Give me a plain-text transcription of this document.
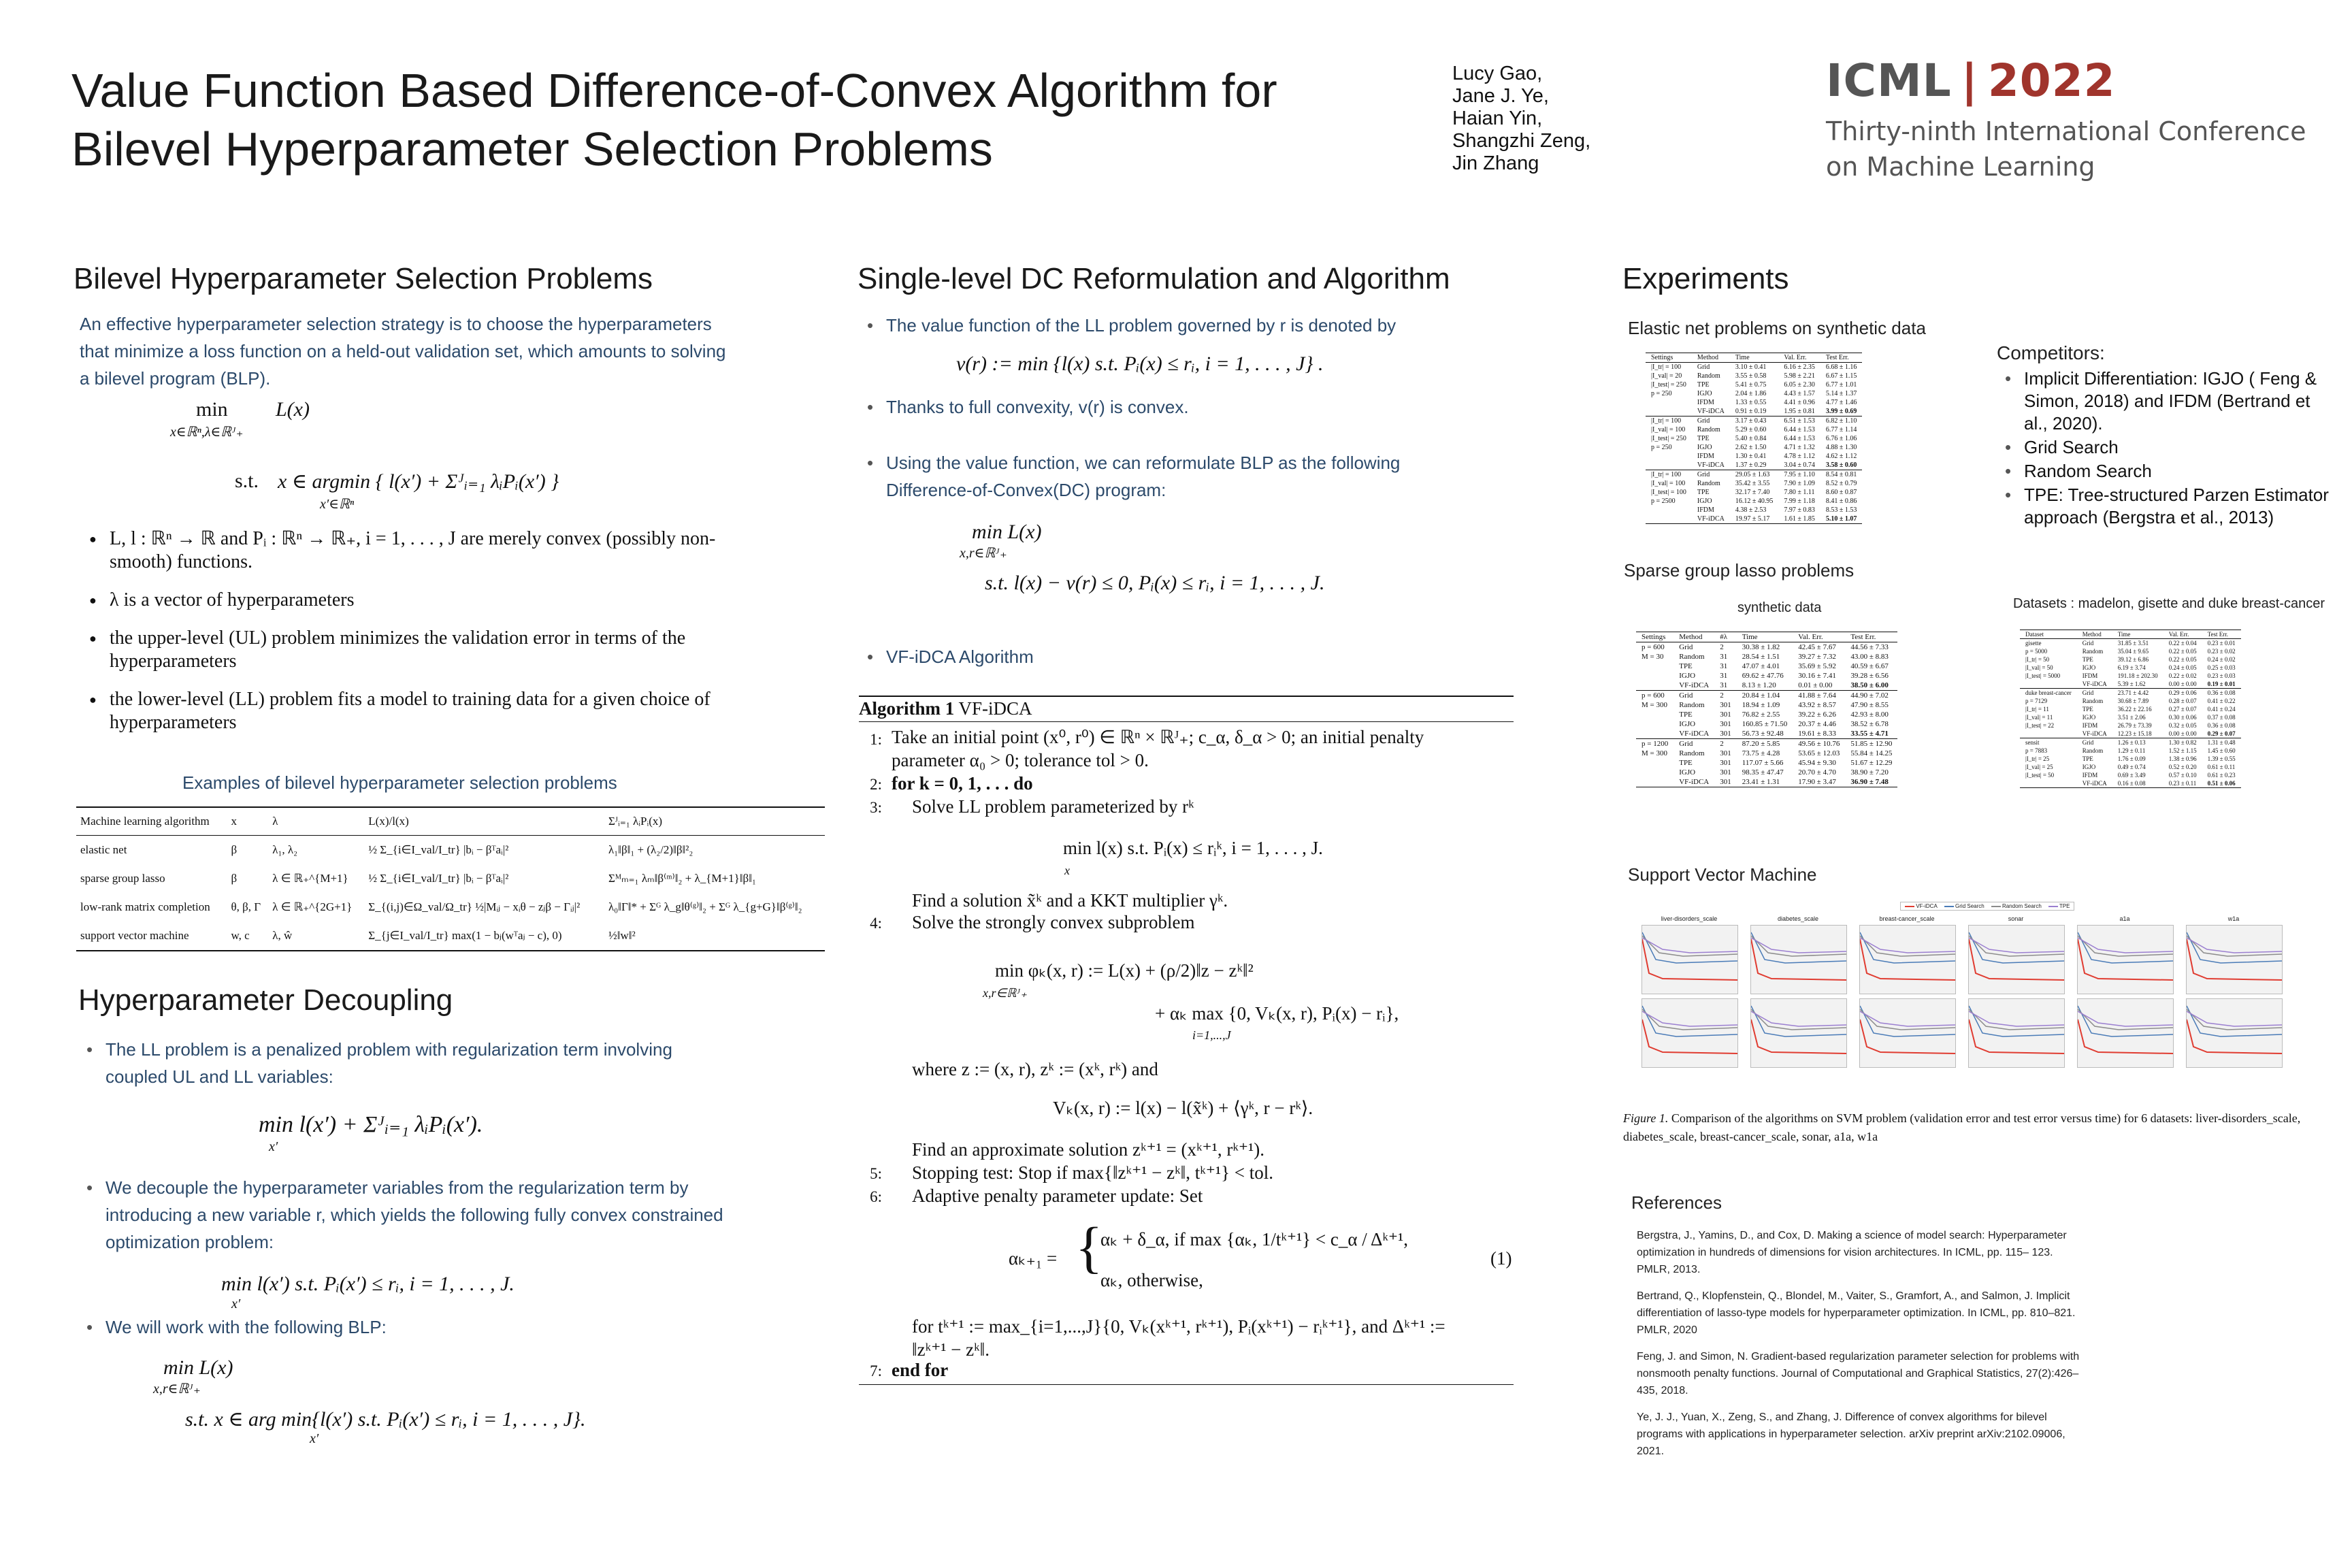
Value Function Based Difference-of-Convex Algorithm for
Bilevel Hyperparameter Selection Problems
Lucy Gao,
Jane J. Ye,
Haian Yin,
Shangzhi Zeng,
Jin Zhang
ICML | 2022
Thirty-ninth International Conference
on Machine Learning
Bilevel Hyperparameter Selection Problems
An effective hyperparameter selection strategy is to choose the hyperparameters that minimize a loss function on a held-out validation set, which amounts to solving a bilevel program (BLP).
min
x∈ℝⁿ,λ∈ℝᴶ₊
L(x)
s.t. x ∈ argmin { l(x′) + Σᴶᵢ₌₁ λᵢPᵢ(x′) }
x′∈ℝⁿ
● L, l : ℝⁿ → ℝ and Pᵢ : ℝⁿ → ℝ₊, i = 1, . . . , J are merely convex (possibly non-smooth) functions.
● λ is a vector of hyperparameters
● the upper-level (UL) problem minimizes the validation error in terms of the hyperparameters
● the lower-level (LL) problem fits a model to training data for a given choice of hyperparameters
Examples of bilevel hyperparameter selection problems
Machine learning algorithm	x	λ	L(x)/l(x)	Σᴶᵢ₌₁ λᵢPᵢ(x)
elastic net	β	λ₁, λ₂	½ Σ_{i∈I_val/I_tr} |bᵢ − βᵀaᵢ|²	λ₁‖β‖₁ + (λ₂/2)‖β‖²₂
sparse group lasso	β	λ ∈ ℝ₊^{M+1}	½ Σ_{i∈I_val/I_tr} |bᵢ − βᵀaᵢ|²	Σᴹₘ₌₁ λₘ‖β⁽ᵐ⁾‖₂ + λ_{M+1}‖β‖₁
low-rank matrix completion	θ, β, Γ	λ ∈ ℝ₊^{2G+1}	Σ_{(i,j)∈Ω_val/Ω_tr} ½|Mᵢⱼ − xᵢθ − zⱼβ − Γᵢⱼ|²	λ₀‖Γ‖* + Σᴳ λ_g‖θ⁽ᵍ⁾‖₂ + Σᴳ λ_{g+G}‖β⁽ᵍ⁾‖₂
support vector machine	w, c	λ, ŵ	Σ_{j∈I_val/I_tr} max(1 − bⱼ(wᵀaⱼ − c), 0)	½‖w‖²
Hyperparameter Decoupling
• The LL problem is a penalized problem with regularization term involving coupled UL and LL variables:
min l(x′) + Σᴶᵢ₌₁ λᵢPᵢ(x′).
x′
• We decouple the hyperparameter variables from the regularization term by introducing a new variable r, which yields the following fully convex constrained optimization problem:
min l(x′) s.t. Pᵢ(x′) ≤ rᵢ, i = 1, . . . , J.
x′
• We will work with the following BLP:
min L(x)
x,r∈ℝᴶ₊
s.t. x ∈ arg min{l(x′) s.t. Pᵢ(x′) ≤ rᵢ, i = 1, . . . , J}.
x′
Single-level DC Reformulation and Algorithm
• The value function of the LL problem governed by r is denoted by
v(r) := min {l(x) s.t. Pᵢ(x) ≤ rᵢ, i = 1, . . . , J} .
• Thanks to full convexity, v(r) is convex.
• Using the value function, we can reformulate BLP as the following Difference-of-Convex(DC) program:
min L(x)
x,r∈ℝᴶ₊
s.t. l(x) − v(r) ≤ 0, Pᵢ(x) ≤ rᵢ, i = 1, . . . , J.
• VF-iDCA Algorithm
Algorithm 1 VF-iDCA
1: Take an initial point (x⁰, r⁰) ∈ ℝⁿ × ℝᴶ₊; c_α, δ_α > 0; an initial penalty
parameter α₀ > 0; tolerance tol > 0.
2: for k = 0, 1, . . . do
3: Solve LL problem parameterized by rᵏ
min l(x) s.t. Pᵢ(x) ≤ rᵢᵏ, i = 1, . . . , J.
x
Find a solution x̃ᵏ and a KKT multiplier γᵏ.
4: Solve the strongly convex subproblem
min φₖ(x, r) := L(x) + (ρ/2)‖z − zᵏ‖²
x,r∈ℝᴶ₊
+ αₖ max {0, Vₖ(x, r), Pᵢ(x) − rᵢ},
i=1,...,J
where z := (x, r), zᵏ := (xᵏ, rᵏ) and
Vₖ(x, r) := l(x) − l(x̃ᵏ) + ⟨γᵏ, r − rᵏ⟩.
Find an approximate solution zᵏ⁺¹ = (xᵏ⁺¹, rᵏ⁺¹).
5: Stopping test: Stop if max{‖zᵏ⁺¹ − zᵏ‖, tᵏ⁺¹} < tol.
6: Adaptive penalty parameter update: Set
αₖ₊₁ = {
αₖ + δ_α, if max {αₖ, 1/tᵏ⁺¹} < c_α / Δᵏ⁺¹,
αₖ, otherwise,
(1)
for tᵏ⁺¹ := max_{i=1,...,J}{0, Vₖ(xᵏ⁺¹, rᵏ⁺¹), Pᵢ(xᵏ⁺¹) − rᵢᵏ⁺¹}, and Δᵏ⁺¹ :=
‖zᵏ⁺¹ − zᵏ‖.
7: end for
Experiments
Elastic net problems on synthetic data
Settings	Method	Time	Val. Err.	Test Err.
|I_tr| = 100	Grid	3.10 ± 0.41	6.16 ± 2.35	6.68 ± 1.16
|I_val| = 20	Random	3.55 ± 0.58	5.98 ± 2.21	6.67 ± 1.15
|I_test| = 250	TPE	5.41 ± 0.75	6.05 ± 2.30	6.77 ± 1.01
p = 250	IGJO	2.04 ± 1.86	4.43 ± 1.57	5.14 ± 1.37
	IFDM	1.33 ± 0.55	4.41 ± 0.96	4.77 ± 1.46
	VF-iDCA	0.91 ± 0.19	1.95 ± 0.81	3.99 ± 0.69
|I_tr| = 100	Grid	3.17 ± 0.43	6.51 ± 1.53	6.82 ± 1.10
|I_val| = 100	Random	5.29 ± 0.60	6.44 ± 1.53	6.77 ± 1.14
|I_test| = 250	TPE	5.40 ± 0.84	6.44 ± 1.53	6.76 ± 1.06
p = 250	IGJO	2.62 ± 1.50	4.71 ± 1.32	4.88 ± 1.30
	IFDM	1.30 ± 0.41	4.78 ± 1.12	4.62 ± 1.12
	VF-iDCA	1.37 ± 0.29	3.04 ± 0.74	3.58 ± 0.60
|I_tr| = 100	Grid	29.05 ± 1.63	7.95 ± 1.10	8.54 ± 0.81
|I_val| = 100	Random	35.42 ± 3.55	7.90 ± 1.09	8.52 ± 0.79
|I_test| = 100	TPE	32.17 ± 7.40	7.80 ± 1.11	8.60 ± 0.87
p = 2500	IGJO	16.12 ± 40.95	7.99 ± 1.18	8.41 ± 0.86
	IFDM	4.38 ± 2.53	7.97 ± 0.83	8.53 ± 1.53
	VF-iDCA	19.97 ± 5.17	1.61 ± 1.85	5.10 ± 1.07
Competitors:
• Implicit Differentiation: IGJO ( Feng & Simon, 2018) and IFDM (Bertrand et al., 2020).
• Grid Search
• Random Search
• TPE: Tree-structured Parzen Estimator approach (Bergstra et al., 2013)
Sparse group lasso problems
synthetic data
Settings	Method	#λ	Time	Val. Err.	Test Err.
p = 600	Grid	2	30.38 ± 1.82	42.45 ± 7.67	44.56 ± 7.33
M = 30	Random	31	28.54 ± 1.51	39.27 ± 7.32	43.00 ± 8.83
	TPE	31	47.07 ± 4.01	35.69 ± 5.92	40.59 ± 6.67
	IGJO	31	69.62 ± 47.76	30.16 ± 7.41	39.28 ± 6.56
	VF-iDCA	31	8.13 ± 1.20	0.01 ± 0.00	38.50 ± 6.00
p = 600	Grid	2	20.84 ± 1.04	41.88 ± 7.64	44.90 ± 7.02
M = 300	Random	301	18.94 ± 1.09	43.92 ± 8.57	47.90 ± 8.55
	TPE	301	76.82 ± 2.55	39.22 ± 6.26	42.93 ± 8.00
	IGJO	301	160.85 ± 71.50	20.37 ± 4.46	38.52 ± 6.78
	VF-iDCA	301	56.73 ± 92.48	19.61 ± 8.33	33.55 ± 4.71
p = 1200	Grid	2	87.20 ± 5.85	49.56 ± 10.76	51.85 ± 12.90
M = 300	Random	301	73.75 ± 4.28	53.65 ± 12.03	55.84 ± 14.25
	TPE	301	117.07 ± 5.66	45.94 ± 9.30	51.67 ± 12.29
	IGJO	301	98.35 ± 47.47	20.70 ± 4.70	38.90 ± 7.20
	VF-iDCA	301	23.41 ± 1.31	17.90 ± 3.47	36.90 ± 7.48
Datasets : madelon, gisette and duke breast-cancer
Dataset	Method	Time	Val. Err.	Test Err.
gisette	Grid	31.85 ± 3.51	0.22 ± 0.04	0.23 ± 0.01
p = 5000	Random	35.04 ± 9.65	0.22 ± 0.05	0.23 ± 0.02
|I_tr| = 50	TPE	39.12 ± 6.86	0.22 ± 0.05	0.24 ± 0.02
|I_val| = 50	IGJO	6.19 ± 3.74	0.24 ± 0.05	0.25 ± 0.03
|I_test| = 5000	IFDM	191.18 ± 202.30	0.22 ± 0.02	0.23 ± 0.03
	VF-iDCA	5.39 ± 1.62	0.00 ± 0.00	0.19 ± 0.01
duke breast-cancer	Grid	23.71 ± 4.42	0.29 ± 0.06	0.36 ± 0.08
p = 7129	Random	30.68 ± 7.89	0.28 ± 0.07	0.41 ± 0.22
|I_tr| = 11	TPE	36.22 ± 22.16	0.27 ± 0.07	0.41 ± 0.24
|I_val| = 11	IGJO	3.51 ± 2.06	0.30 ± 0.06	0.37 ± 0.08
|I_test| = 22	IFDM	26.79 ± 73.39	0.32 ± 0.05	0.36 ± 0.08
	VF-iDCA	12.23 ± 15.18	0.00 ± 0.00	0.29 ± 0.07
sensit	Grid	1.26 ± 0.13	1.30 ± 0.82	1.31 ± 0.48
p = 7883	Random	1.29 ± 0.11	1.52 ± 1.15	1.45 ± 0.60
|I_tr| = 25	TPE	1.76 ± 0.09	1.38 ± 0.96	1.39 ± 0.55
|I_val| = 25	IGJO	0.49 ± 0.74	0.52 ± 0.20	0.61 ± 0.11
|I_test| = 50	IFDM	0.69 ± 3.49	0.57 ± 0.10	0.61 ± 0.23
	VF-iDCA	0.16 ± 0.08	0.23 ± 0.11	0.51 ± 0.06
Support Vector Machine
VF-iDCA	Grid Search	Random Search	TPE
liver-disorders_scale	diabetes_scale	breast-cancer_scale	sonar	a1a	w1a
Figure 1. Comparison of the algorithms on SVM problem (validation error and test error versus time) for 6 datasets: liver-disorders_scale, diabetes_scale, breast-cancer_scale, sonar, a1a, w1a
References

Bergstra, J., Yamins, D., and Cox, D. Making a science of model search: Hyperparameter optimization in hundreds of dimensions for vision architectures. In ICML, pp. 115– 123. PMLR, 2013.

Bertrand, Q., Klopfenstein, Q., Blondel, M., Vaiter, S., Gramfort, A., and Salmon, J. Implicit differentiation of lasso-type models for hyperparameter optimization. In ICML, pp. 810–821. PMLR, 2020

Feng, J. and Simon, N. Gradient-based regularization parameter selection for problems with nonsmooth penalty functions. Journal of Computational and Graphical Statistics, 27(2):426–435, 2018.

Ye, J. J., Yuan, X., Zeng, S., and Zhang, J. Difference of convex algorithms for bilevel programs with applications in hyperparameter selection. arXiv preprint arXiv:2102.09006, 2021.
